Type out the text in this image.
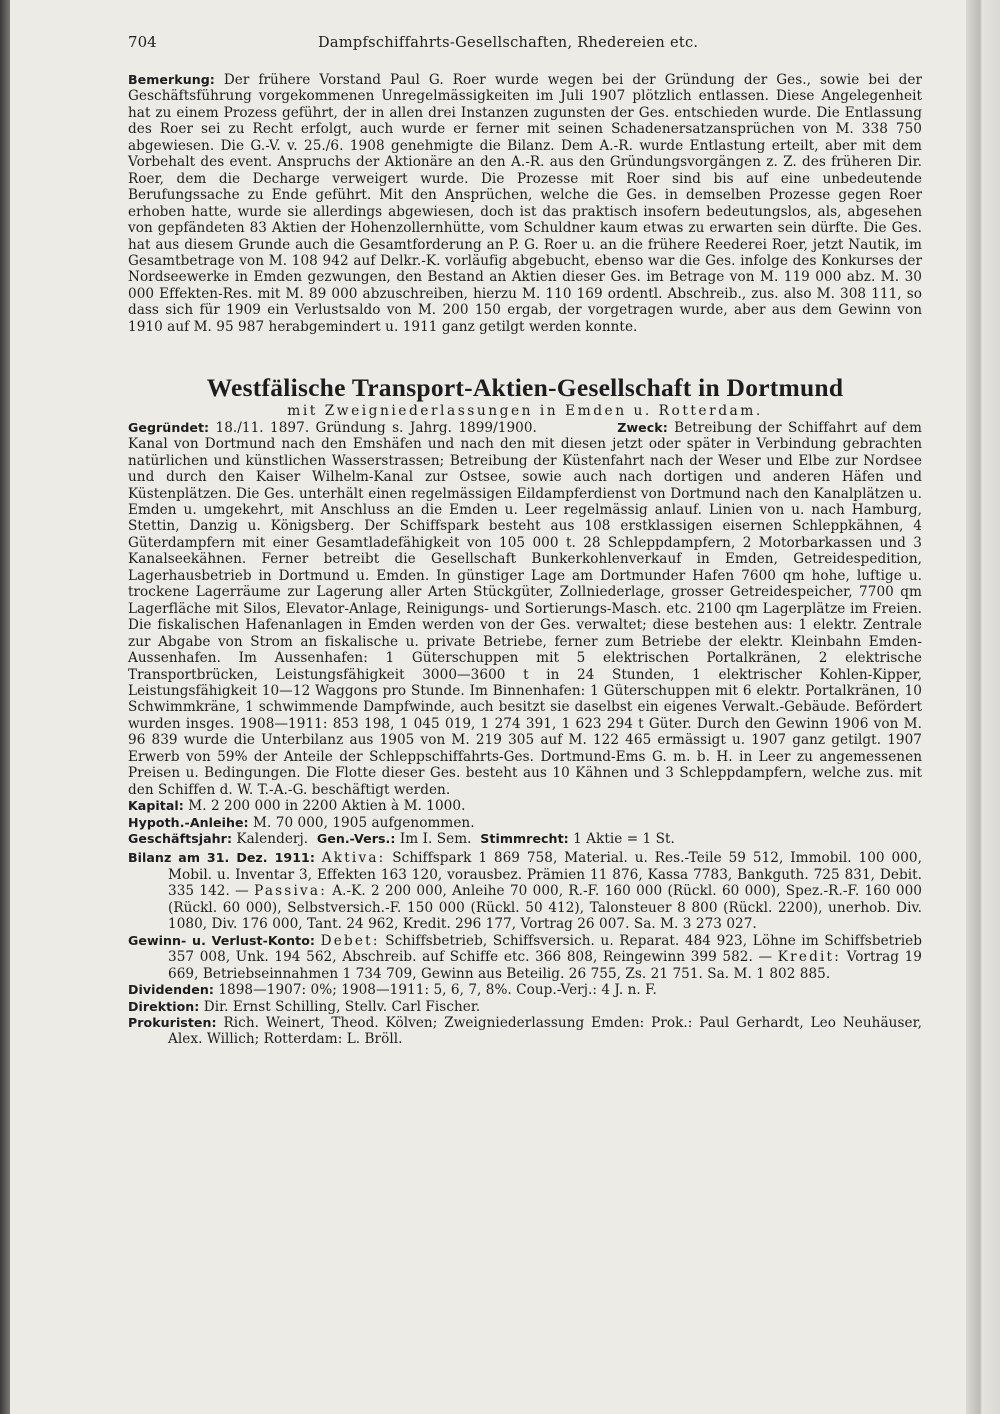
704	Dampfschiffahrts-Gesellschaften, Rhedereien etc.

Bemerkung: Der frühere Vorstand Paul G. Roer wurde wegen bei der Gründung der Ges., sowie bei der Geschäftsführung vorgekommenen Unregelmässigkeiten im Juli 1907 plötzlich entlassen. Diese Angelegenheit hat zu einem Prozess geführt, der in allen drei Instanzen zugunsten der Ges. entschieden wurde. Die Entlassung des Roer sei zu Recht erfolgt, auch wurde er ferner mit seinen Schadenersatzansprüchen von M. 338 750 abgewiesen. Die G.-V. v. 25./6. 1908 genehmigte die Bilanz. Dem A.-R. wurde Entlastung erteilt, aber mit dem Vorbehalt des event. Anspruchs der Aktionäre an den A.-R. aus den Gründungsvorgängen z. Z. des früheren Dir. Roer, dem die Decharge verweigert wurde. Die Prozesse mit Roer sind bis auf eine unbedeutende Berufungssache zu Ende geführt. Mit den Ansprüchen, welche die Ges. in demselben Prozesse gegen Roer erhoben hatte, wurde sie allerdings abgewiesen, doch ist das praktisch insofern bedeutungslos, als, abgesehen von gepfändeten 83 Aktien der Hohenzollernhütte, vom Schuldner kaum etwas zu erwarten sein dürfte. Die Ges. hat aus diesem Grunde auch die Gesamtforderung an P. G. Roer u. an die frühere Reederei Roer, jetzt Nautik, im Gesamtbetrage von M. 108 942 auf Delkr.-K. vorläufig abgebucht, ebenso war die Ges. infolge des Konkurses der Nordseewerke in Emden gezwungen, den Bestand an Aktien dieser Ges. im Betrage von M. 119 000 abz. M. 30 000 Effekten-Res. mit M. 89 000 abzuschreiben, hierzu M. 110 169 ordentl. Abschreib., zus. also M. 308 111, so dass sich für 1909 ein Verlustsaldo von M. 200 150 ergab, der vorgetragen wurde, aber aus dem Gewinn von 1910 auf M. 95 987 herabgemindert u. 1911 ganz getilgt werden konnte.

Westfälische Transport-Aktien-Gesellschaft in Dortmund

mit Zweigniederlassungen in Emden u. Rotterdam.

Gegründet: 18./11. 1897. Gründung s. Jahrg. 1899/1900.	Zweck: Betreibung der Schiffahrt auf dem Kanal von Dortmund nach den Emshäfen und nach den mit diesen jetzt oder später in Verbindung gebrachten natürlichen und künstlichen Wasserstrassen; Betreibung der Küstenfahrt nach der Weser und Elbe zur Nordsee und durch den Kaiser Wilhelm-Kanal zur Ostsee, sowie auch nach dortigen und anderen Häfen und Küstenplätzen. Die Ges. unterhält einen regelmässigen Eildampferdienst von Dortmund nach den Kanalplätzen u. Emden u. umgekehrt, mit Anschluss an die Emden u. Leer regelmässig anlauf. Linien von u. nach Hamburg, Stettin, Danzig u. Königsberg. Der Schiffspark besteht aus 108 erstklassigen eisernen Schleppkähnen, 4 Güterdampfern mit einer Gesamtladefähigkeit von 105 000 t. 28 Schleppdampfern, 2 Motorbarkassen und 3 Kanalseekähnen. Ferner betreibt die Gesellschaft Bunkerkohlenverkauf in Emden, Getreidespedition, Lagerhausbetrieb in Dortmund u. Emden. In günstiger Lage am Dortmunder Hafen 7600 qm hohe, luftige u. trockene Lagerräume zur Lagerung aller Arten Stückgüter, Zollniederlage, grosser Getreidespeicher, 7700 qm Lagerfläche mit Silos, Elevator-Anlage, Reinigungs- und Sortierungs-Masch. etc. 2100 qm Lagerplätze im Freien. Die fiskalischen Hafenanlagen in Emden werden von der Ges. verwaltet; diese bestehen aus: 1 elektr. Zentrale zur Abgabe von Strom an fiskalische u. private Betriebe, ferner zum Betriebe der elektr. Kleinbahn Emden-Aussenhafen. Im Aussenhafen: 1 Güterschuppen mit 5 elektrischen Portalkränen, 2 elektrische Transportbrücken, Leistungsfähigkeit 3000—3600 t in 24 Stunden, 1 elektrischer Kohlen-Kipper, Leistungsfähigkeit 10—12 Waggons pro Stunde. Im Binnenhafen: 1 Güterschuppen mit 6 elektr. Portalkränen, 10 Schwimmkräne, 1 schwimmende Dampfwinde, auch besitzt sie daselbst ein eigenes Verwalt.-Gebäude. Befördert wurden insges. 1908—1911: 853 198, 1 045 019, 1 274 391, 1 623 294 t Güter. Durch den Gewinn 1906 von M. 96 839 wurde die Unterbilanz aus 1905 von M. 219 305 auf M. 122 465 ermässigt u. 1907 ganz getilgt. 1907 Erwerb von 59% der Anteile der Schleppschiffahrts-Ges. Dortmund-Ems G. m. b. H. in Leer zu angemessenen Preisen u. Bedingungen. Die Flotte dieser Ges. besteht aus 10 Kähnen und 3 Schleppdampfern, welche zus. mit den Schiffen d. W. T.-A.-G. beschäftigt werden.

Kapital: M. 2 200 000 in 2200 Aktien à M. 1000.

Hypoth.-Anleihe: M. 70 000, 1905 aufgenommen.

Geschäftsjahr: Kalenderj. Gen.-Vers.: Im I. Sem. Stimmrecht: 1 Aktie = 1 St.

Bilanz am 31. Dez. 1911: Aktiva: Schiffspark 1 869 758, Material. u. Res.-Teile 59 512, Immobil. 100 000, Mobil. u. Inventar 3, Effekten 163 120, vorausbez. Prämien 11 876, Kassa 7783, Bankguth. 725 831, Debit. 335 142. — Passiva: A.-K. 2 200 000, Anleihe 70 000, R.-F. 160 000 (Rückl. 60 000), Spez.-R.-F. 160 000 (Rückl. 60 000), Selbstversich.-F. 150 000 (Rückl. 50 412), Talonsteuer 8 800 (Rückl. 2200), unerhob. Div. 1080, Div. 176 000, Tant. 24 962, Kredit. 296 177, Vortrag 26 007. Sa. M. 3 273 027.

Gewinn- u. Verlust-Konto: Debet: Schiffsbetrieb, Schiffsversich. u. Reparat. 484 923, Löhne im Schiffsbetrieb 357 008, Unk. 194 562, Abschreib. auf Schiffe etc. 366 808, Reingewinn 399 582. — Kredit: Vortrag 19 669, Betriebseinnahmen 1 734 709, Gewinn aus Beteilig. 26 755, Zs. 21 751. Sa. M. 1 802 885.

Dividenden: 1898—1907: 0%; 1908—1911: 5, 6, 7, 8%. Coup.-Verj.: 4 J. n. F.

Direktion: Dir. Ernst Schilling, Stellv. Carl Fischer.

Prokuristen: Rich. Weinert, Theod. Kölven; Zweigniederlassung Emden: Prok.: Paul Gerhardt, Leo Neuhäuser, Alex. Willich; Rotterdam: L. Bröll.
